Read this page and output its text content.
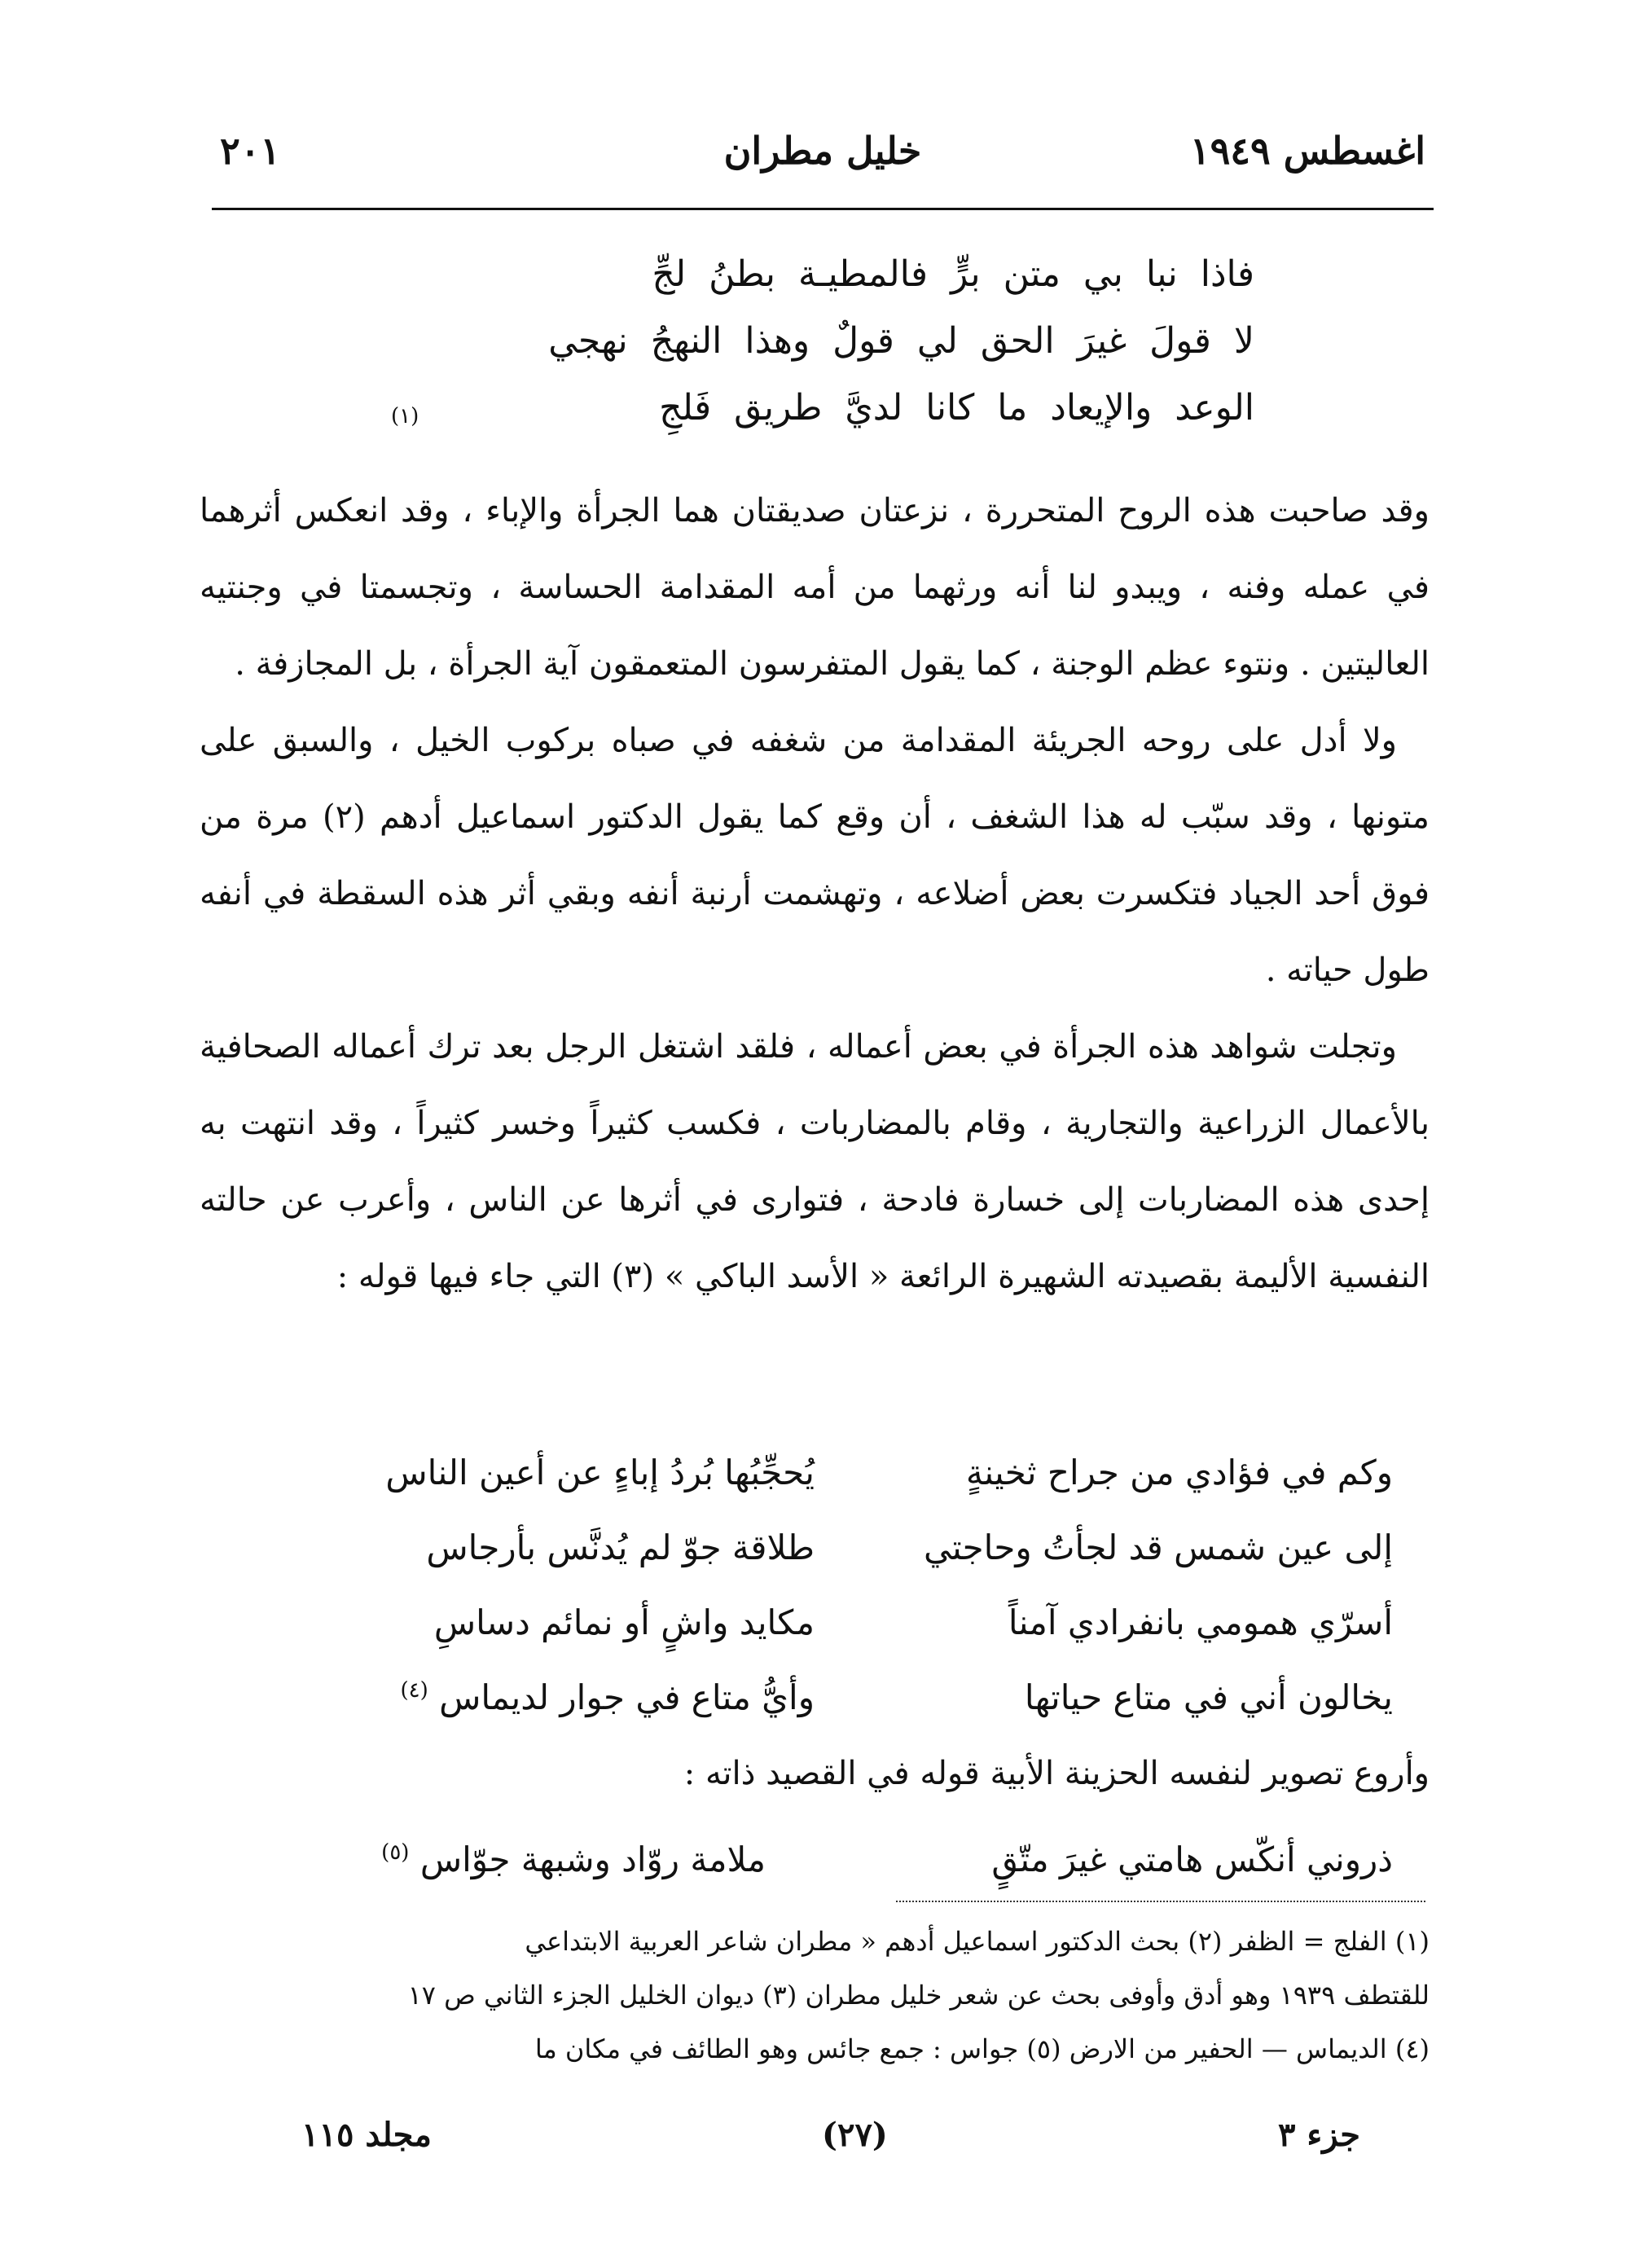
اغسطس ١٩٤٩
خليل مطران
٢٠١
فاذا نبا بي متن برٍّ فالمطيـة بطنُ لجِّ
لا قولَ غيرَ الحق لي قولٌ وهذا النهجُ نهجي
الوعد والإيعاد ما كانا لديَّ طريق فَلجِ
(١)

وقد صاحبت هذه الروح المتحررة ، نزعتان صديقتان هما الجرأة والإباء ، وقد انعكس أثرهما في عمله وفنه ، ويبدو لنا أنه ورثهما من أمه المقدامة الحساسة ، وتجسمتا في وجنتيه العاليتين . ونتوء عظم الوجنة ، كما يقول المتفرسون المتعمقون آية الجرأة ، بل المجازفة .

ولا أدل على روحه الجريئة المقدامة من شغفه في صباه بركوب الخيل ، والسبق على متونها ، وقد سبّب له هذا الشغف ، أن وقع كما يقول الدكتور اسماعيل أدهم (٢) مرة من فوق أحد الجياد فتكسرت بعض أضلاعه ، وتهشمت أرنبة أنفه وبقي أثر هذه السقطة في أنفه طول حياته .

وتجلت شواهد هذه الجرأة في بعض أعماله ، فلقد اشتغل الرجل بعد ترك أعماله الصحافية بالأعمال الزراعية والتجارية ، وقام بالمضاربات ، فكسب كثيراً وخسر كثيراً ، وقد انتهت به إحدى هذه المضاربات إلى خسارة فادحة ، فتوارى في أثرها عن الناس ، وأعرب عن حالته النفسية الأليمة بقصيدته الشهيرة الرائعة « الأسد الباكي » (٣) التي جاء فيها قوله :

وكم في فؤادي من جراح ثخينةٍ
يُحجِّبُها بُردُ إباءٍ عن أعين الناس
إلى عين شمس قد لجأتُ وحاجتي
طلاقة جوّ لم يُدنَّس بأرجاس
أسرّي همومي بانفرادي آمناً
مكايد واشٍ أو نمائم دساسِ
يخالون أني في متاع حياتها
وأيُّ متاع في جوار لديماس $^{(٤)}$

وأروع تصوير لنفسه الحزينة الأبية قوله في القصيد ذاته :

ذروني أنكّس هامتي غيرَ متّقٍ
ملامة روّاد وشبهة جوّاس $^{(٥)}$
(١) الفلج = الظفر (٢) بحث الدكتور اسماعيل أدهم « مطران شاعر العربية الابتداعي
للقتطف ١٩٣٩ وهو أدق وأوفى بحث عن شعر خليل مطران (٣) ديوان الخليل الجزء الثاني ص ١٧
(٤) الديماس — الحفير من الارض (٥) جواس : جمع جائس وهو الطائف في مكان ما
جزء ٣
(٢٧)
مجلد ١١٥
